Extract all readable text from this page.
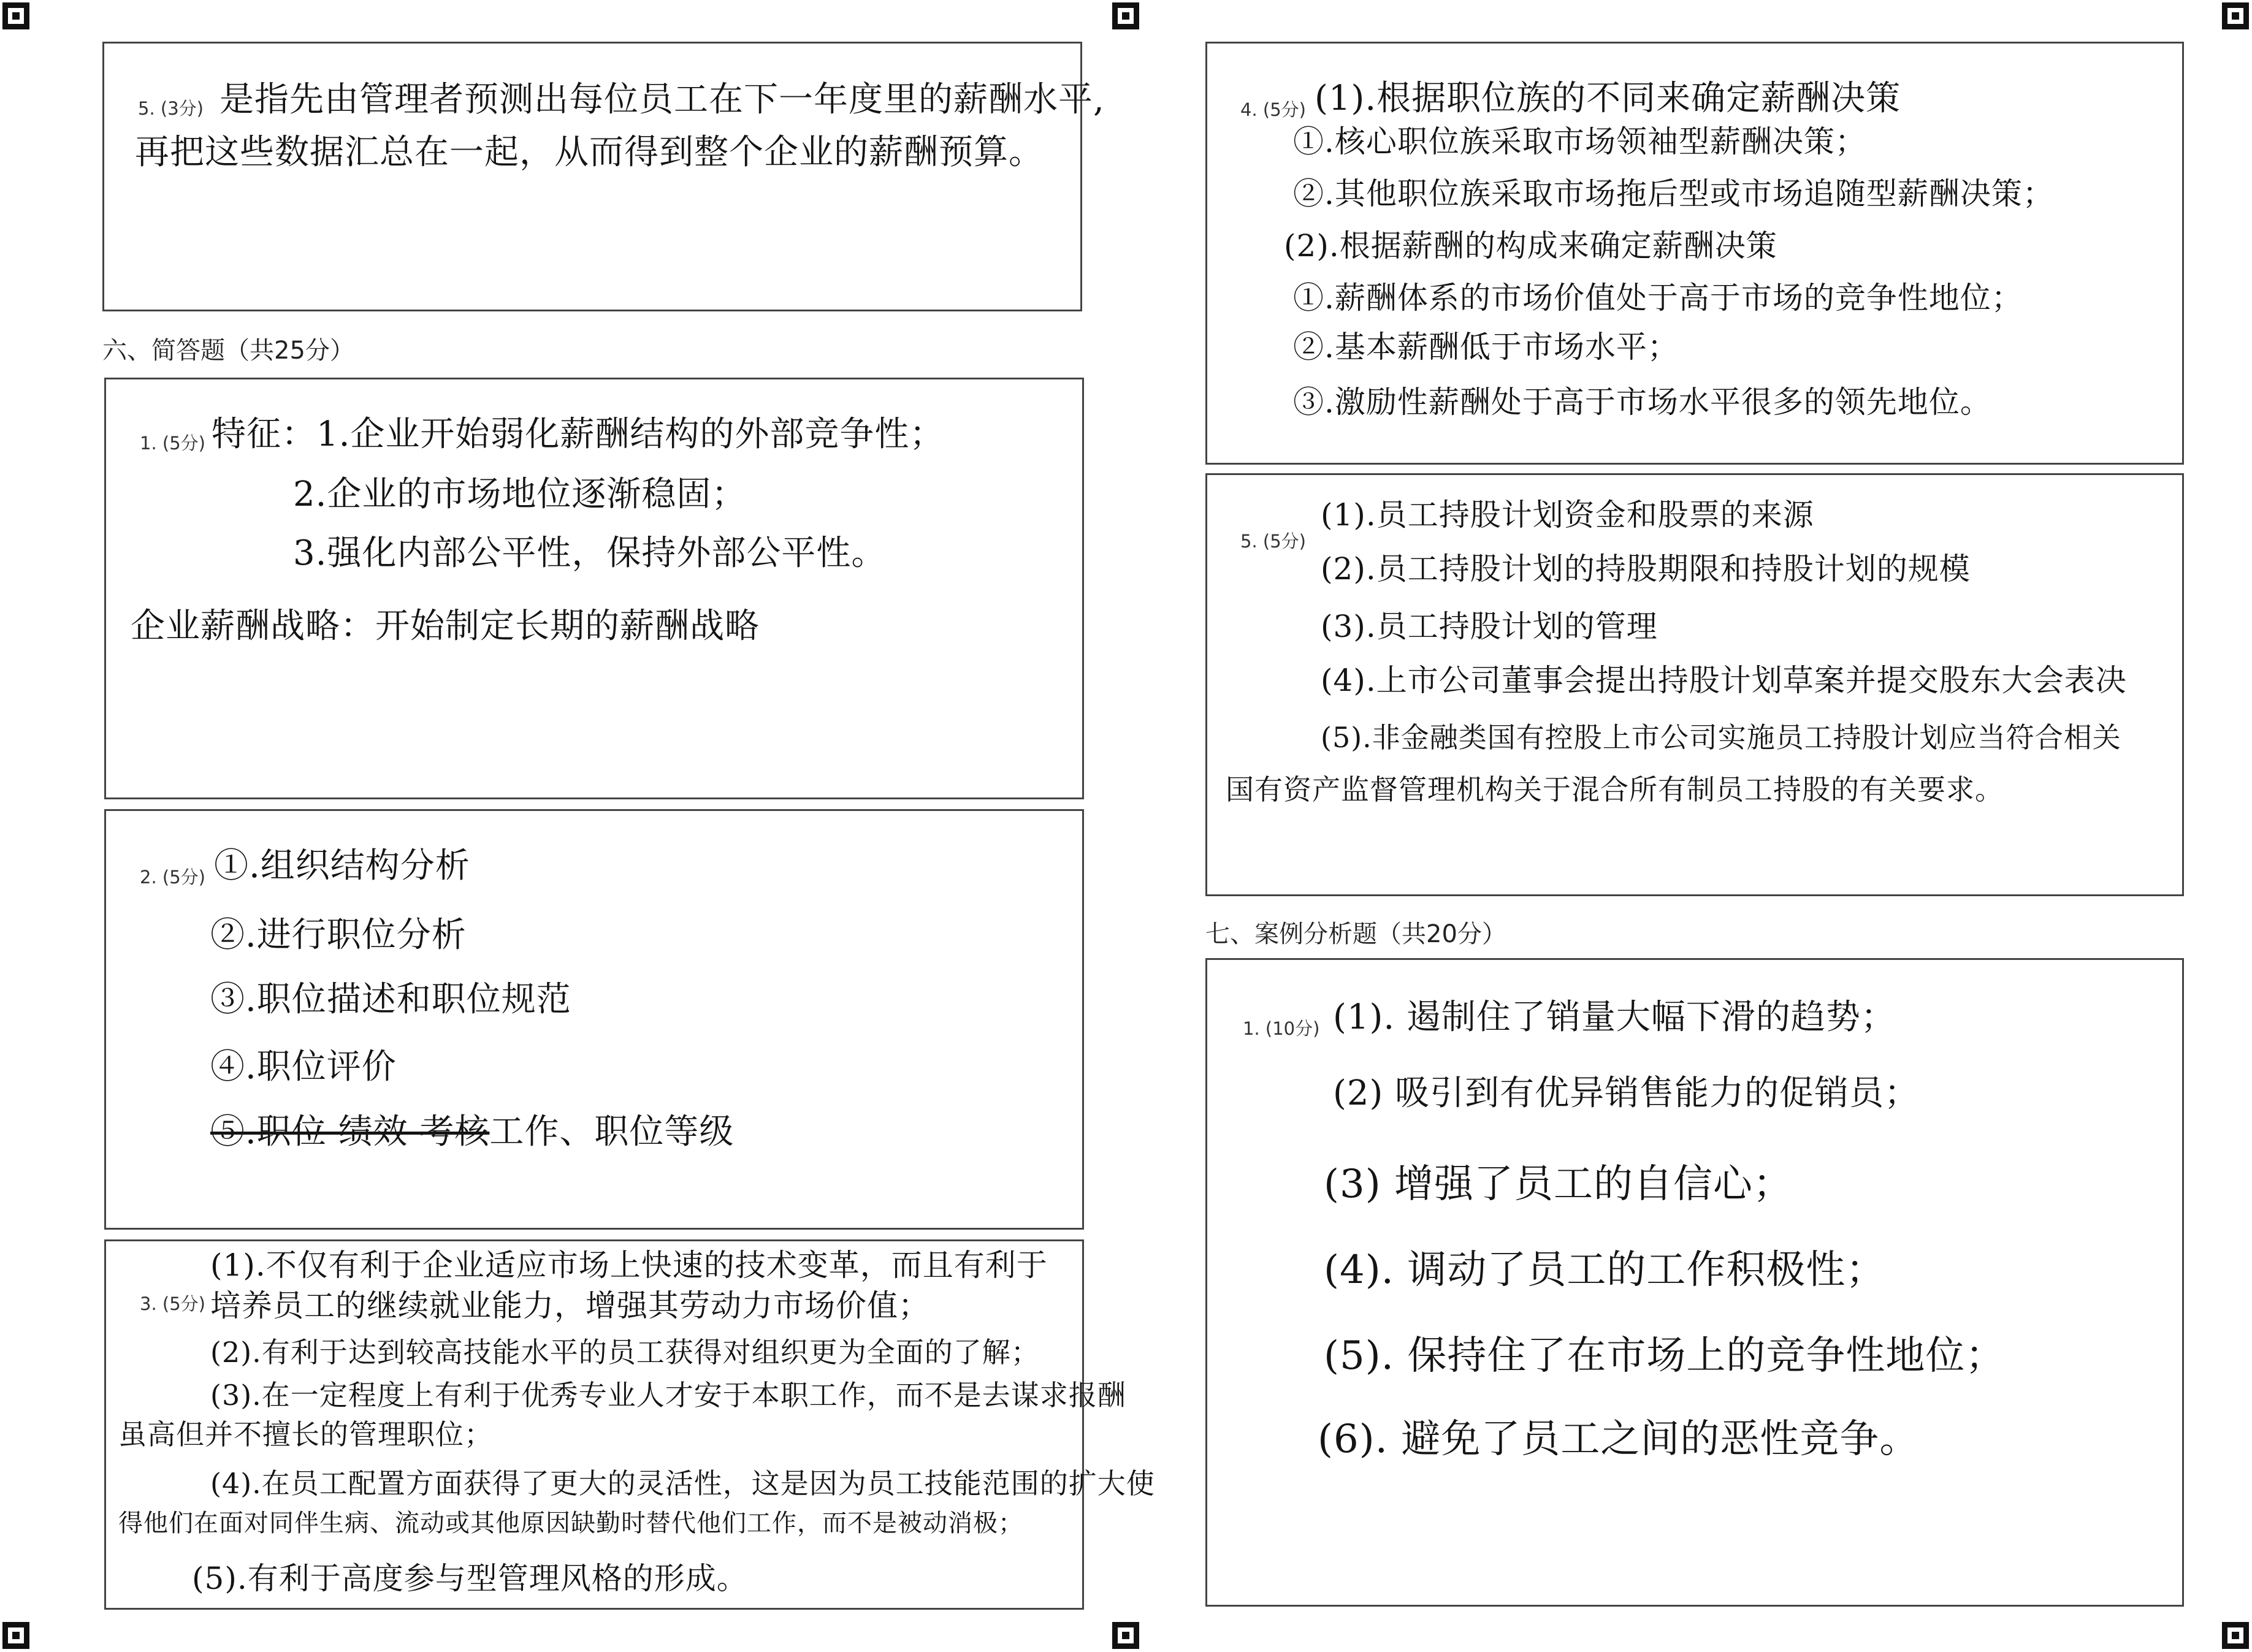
5. (3分) 是指先由管理者预测出每位员工在下一年度里的薪酬水平,
再把这些数据汇总在一起，从而得到整个企业的薪酬预算。
六、简答题（共25分）
1. (5分) 特征：1.企业开始弱化薪酬结构的外部竞争性；
2.企业的市场地位逐渐稳固；
3.强化内部公平性，保持外部公平性。
企业薪酬战略：开始制定长期的薪酬战略
2. (5分) ①.组织结构分析
②.进行职位分析
③.职位描述和职位规范
④.职位评价
⑤.职位 绩效 考核工作、职位等级
3. (5分)
(1).不仅有利于企业适应市场上快速的技术变革，而且有利于
培养员工的继续就业能力，增强其劳动力市场价值；
(2).有利于达到较高技能水平的员工获得对组织更为全面的了解；
(3).在一定程度上有利于优秀专业人才安于本职工作，而不是去谋求报酬
虽高但并不擅长的管理职位；
(4).在员工配置方面获得了更大的灵活性，这是因为员工技能范围的扩大使
得他们在面对同伴生病、流动或其他原因缺勤时替代他们工作，而不是被动消极；
(5).有利于高度参与型管理风格的形成。
4. (5分) (1).根据职位族的不同来确定薪酬决策
①.核心职位族采取市场领袖型薪酬决策；
②.其他职位族采取市场拖后型或市场追随型薪酬决策；
(2).根据薪酬的构成来确定薪酬决策
①.薪酬体系的市场价值处于高于市场的竞争性地位；
②.基本薪酬低于市场水平；
③.激励性薪酬处于高于市场水平很多的领先地位。
5. (5分)
(1).员工持股计划资金和股票的来源
(2).员工持股计划的持股期限和持股计划的规模
(3).员工持股计划的管理
(4).上市公司董事会提出持股计划草案并提交股东大会表决
(5).非金融类国有控股上市公司实施员工持股计划应当符合相关
国有资产监督管理机构关于混合所有制员工持股的有关要求。
七、案例分析题（共20分）
1. (10分) (1). 遏制住了销量大幅下滑的趋势；
(2) 吸引到有优异销售能力的促销员；
(3) 增强了员工的自信心；
(4). 调动了员工的工作积极性；
(5). 保持住了在市场上的竞争性地位；
(6). 避免了员工之间的恶性竞争。
